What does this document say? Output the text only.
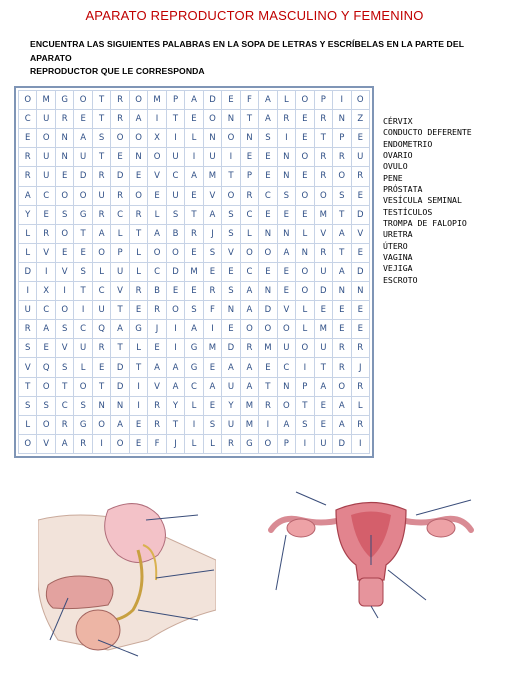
APARATO REPRODUCTOR MASCULINO Y FEMENINO
ENCUENTRA LAS SIGUIENTES PALABRAS EN LA SOPA DE LETRAS Y ESCRÍBELAS EN LA PARTE DEL APARATO
REPRODUCTOR QUE LE CORRESPONDA
O	M	G	O	T	R	O	M	P	A	D	E	F	A	L	O	P	I	O
C	U	R	E	T	R	A	I	T	E	O	N	T	A	R	E	R	N	Z
E	O	N	A	S	O	O	X	I	L	N	O	N	S	I	E	T	P	E
R	U	N	U	T	E	N	O	U	I	U	I	E	E	N	O	R	R	U
R	U	E	D	R	D	E	V	C	A	M	T	P	E	N	E	R	O	R
A	C	O	O	U	R	O	E	U	E	V	O	R	C	S	O	O	S	E
Y	E	S	G	R	C	R	L	S	T	A	S	C	E	E	E	M	T	D
L	R	O	T	A	L	T	A	B	R	J	S	L	N	N	L	V	A	V
L	V	E	E	O	P	L	O	O	E	S	V	O	O	A	N	R	T	E
D	I	V	S	L	U	L	C	D	M	E	E	C	E	E	O	U	A	D
I	X	I	T	C	V	R	B	E	E	R	S	A	N	E	O	D	N	N
U	C	O	I	U	T	E	R	O	S	F	N	A	D	V	L	E	E	E
R	A	S	C	Q	A	G	J	I	A	I	E	O	O	O	L	M	E	E
S	E	V	U	R	T	L	E	I	G	M	D	R	M	U	O	U	R	R
V	Q	S	L	E	D	T	A	A	G	E	A	A	E	C	I	T	R	J
T	O	T	O	T	D	I	V	A	C	A	U	A	T	N	P	A	O	R
S	S	C	S	N	N	I	R	Y	L	E	Y	M	R	O	T	E	A	L
L	O	R	G	O	A	E	R	T	I	S	U	M	I	A	S	E	A	R
O	V	A	R	I	O	E	F	J	L	L	R	G	O	P	I	U	D	I
CÉRVIX
CONDUCTO DEFERENTE
ENDOMETRIO
OVARIO
OVULO
PENE
PRÓSTATA
VESÍCULA SEMINAL
TESTÍCULOS
TROMPA DE FALOPIO
URETRA
ÚTERO
VAGINA
VEJIGA
ESCROTO
